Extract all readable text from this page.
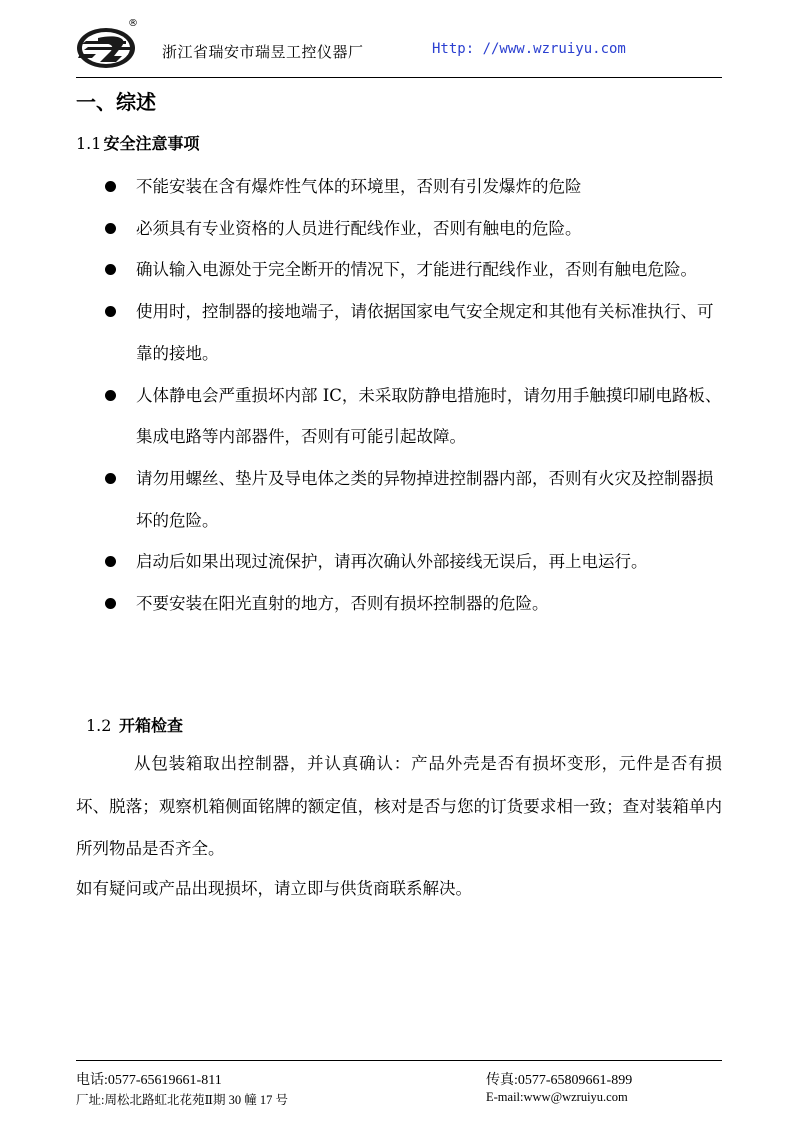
®
浙江省瑞安市瑞昱工控仪器厂	Http: //www.wzruiyu.com
一、综述
1.1 安全注意事项
不能安装在含有爆炸性气体的环境里，否则有引发爆炸的危险
必须具有专业资格的人员进行配线作业，否则有触电的危险。
确认输入电源处于完全断开的情况下，才能进行配线作业，否则有触电危险。
使用时，控制器的接地端子，请依据国家电气安全规定和其他有关标准执行、可靠的接地。
人体静电会严重损坏内部 IC，未采取防静电措施时，请勿用手触摸印刷电路板、集成电路等内部器件，否则有可能引起故障。
请勿用螺丝、垫片及导电体之类的异物掉进控制器内部，否则有火灾及控制器损坏的危险。
启动后如果出现过流保护，请再次确认外部接线无误后，再上电运行。
不要安装在阳光直射的地方，否则有损坏控制器的危险。
1.2 开箱检查
从包装箱取出控制器，并认真确认：产品外壳是否有损坏变形，元件是否有损坏、脱落；观察机箱侧面铭牌的额定值，核对是否与您的订货要求相一致；查对装箱单内所列物品是否齐全。
如有疑问或产品出现损坏，请立即与供货商联系解决。
电话:0577-65619661-811	传真:0577-65809661-899
厂址:周松北路虹北花苑Ⅱ期 30 幢 17 号	E-mail:www@wzruiyu.com
